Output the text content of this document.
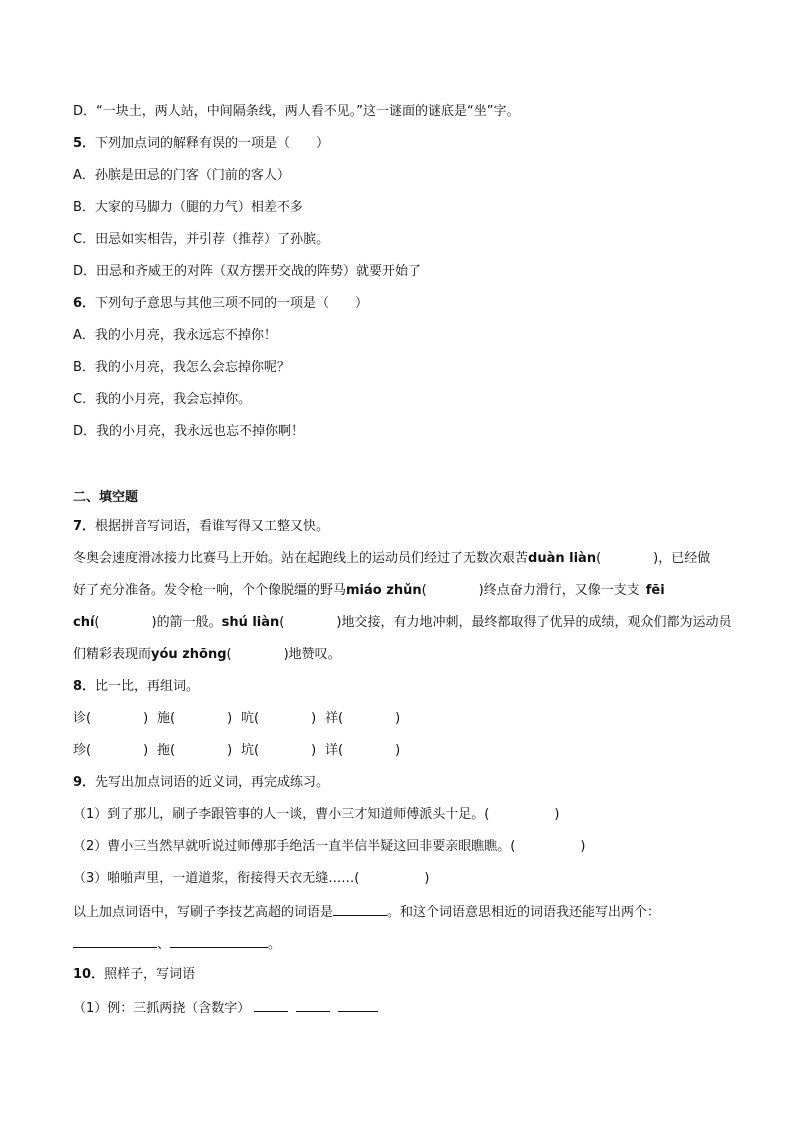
D．“一块土，两人站，中间隔条线，两人看不见。”这一谜面的谜底是“坐”字。
5．下列加点词的解释有误的一项是（　　）
A．孙膑是田忌的门客（门前的客人）
B．大家的马脚力（腿的力气）相差不多
C．田忌如实相告，并引荐（推荐）了孙膑。
D．田忌和齐威王的对阵（双方摆开交战的阵势）就要开始了
6．下列句子意思与其他三项不同的一项是（　　）
A．我的小月亮，我永远忘不掉你！
B．我的小月亮，我怎么会忘掉你呢？
C．我的小月亮，我会忘掉你。
D．我的小月亮，我永远也忘不掉你啊！
二、填空题
7．根据拼音写词语，看谁写得又工整又快。
冬奥会速度滑冰接力比赛马上开始。站在起跑线上的运动员们经过了无数次艰苦duàn liàn(　　　　)，已经做
好了充分准备。发令枪一响，个个像脱缰的野马miáo zhǔn(　　　　)终点奋力滑行，又像一支支 fēi
chí(　　　　)的箭一般。shú liàn(　　　　)地交接，有力地冲刺，最终都取得了优异的成绩，观众们都为运动员
们精彩表现而yóu zhōng(　　　　)地赞叹。
8．比一比，再组词。
诊(　　　　) 施(　　　　) 吭(　　　　) 祥(　　　　)
珍(　　　　) 拖(　　　　) 坑(　　　　) 详(　　　　)
9．先写出加点词语的近义词，再完成练习。
（1）到了那儿，刷子李跟管事的人一谈，曹小三才知道师傅派头十足。(　　　　　)
（2）曹小三当然早就听说过师傅那手绝活一直半信半疑这回非要亲眼瞧瞧。(　　　　　)
（3）啪啪声里，一道道浆，衔接得天衣无缝……(　　　　　)
以上加点词语中，写刷子李技艺高超的词语是	。和这个词语意思相近的词语我还能写出两个：
、	。
10．照样子，写词语
（1）例：三抓两挠（含数字）
